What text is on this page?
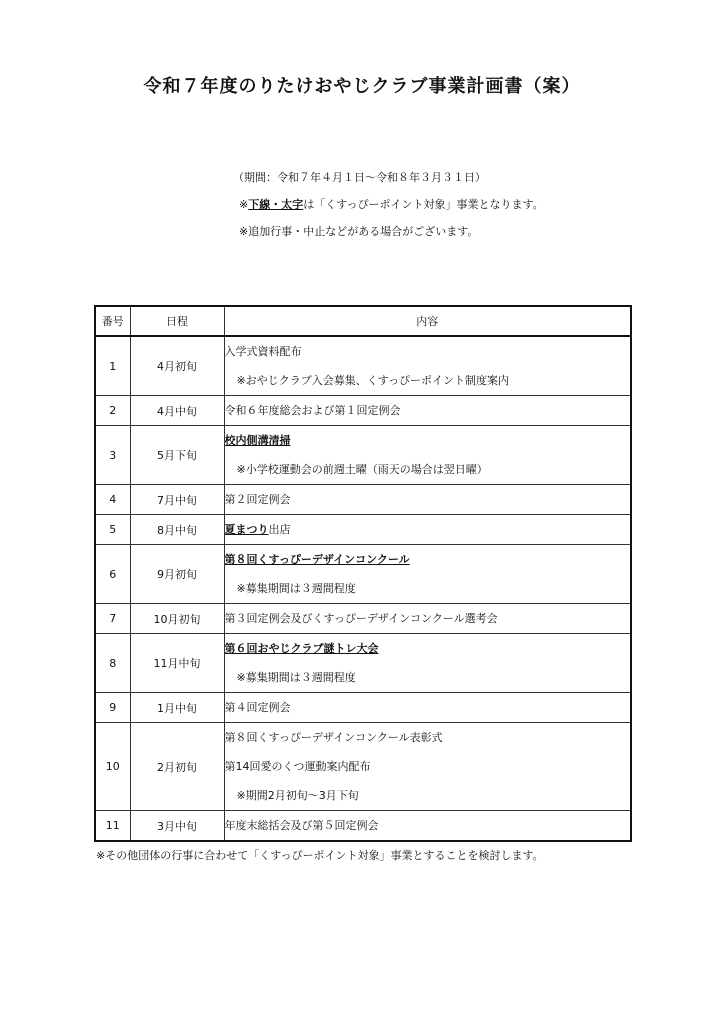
令和７年度のりたけおやじクラブ事業計画書（案）
（期間：令和７年４月１日～令和８年３月３１日）
※下線・太字は「くすっぴーポイント対象」事業となります。
※追加行事・中止などがある場合がございます。
番号	日程	内容
1	4月初旬	入学式資料配布
※おやじクラブ入会募集、くすっぴーポイント制度案内

2	4月中旬	令和６年度総会および第１回定例会

3	5月下旬	校内側溝清掃
※小学校運動会の前週土曜（雨天の場合は翌日曜）

4	7月中旬	第２回定例会

5	8月中旬	夏まつり出店

6	9月初旬	第８回くすっぴーデザインコンクール
※募集期間は３週間程度

7	10月初旬	第３回定例会及びくすっぴーデザインコンクール選考会

8	11月中旬	第６回おやじクラブ謎トレ大会
※募集期間は３週間程度

9	1月中旬	第４回定例会

10	2月初旬	第８回くすっぴーデザインコンクール表彰式
第14回愛のくつ運動案内配布
※期間2月初旬～3月下旬

11	3月中旬	年度末総括会及び第５回定例会
※その他団体の行事に合わせて「くすっぴーポイント対象」事業とすることを検討します。
